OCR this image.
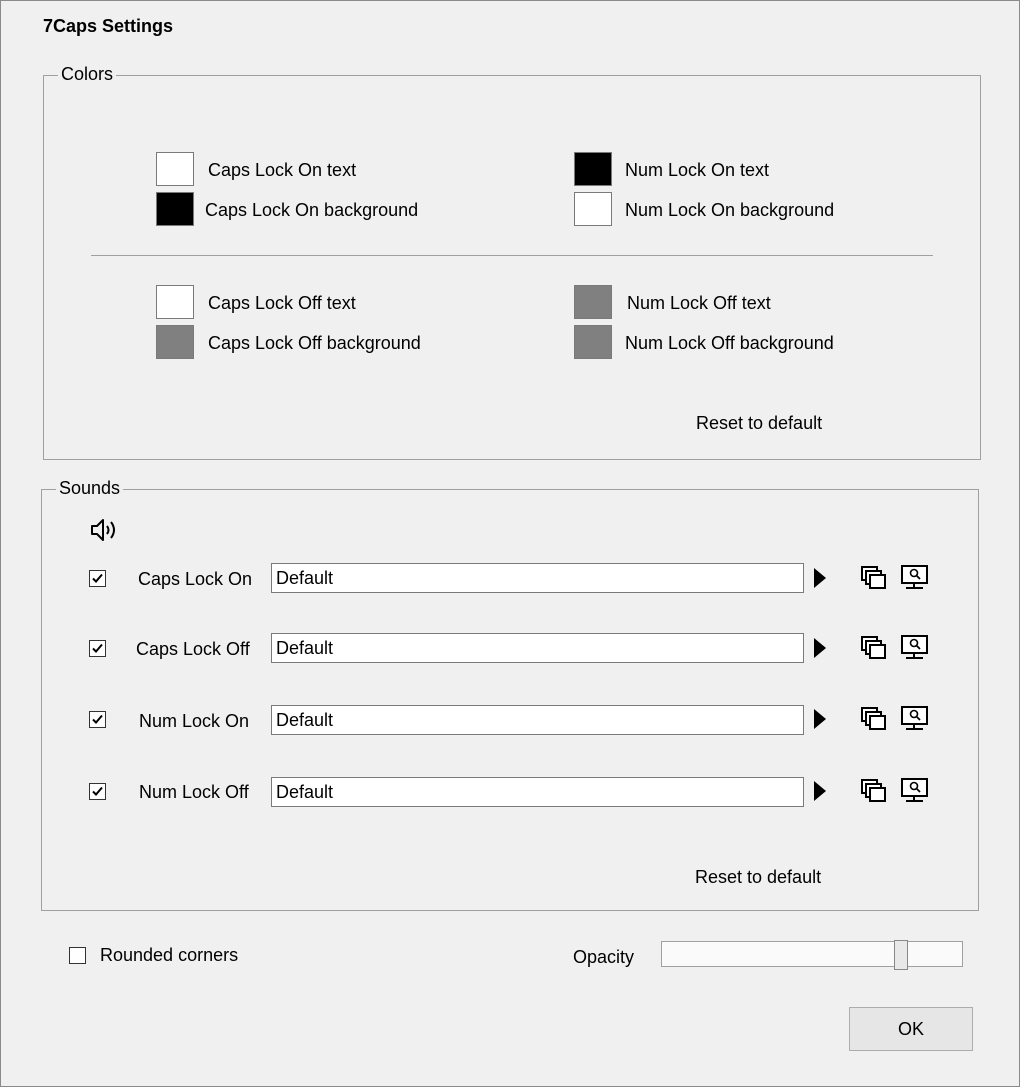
7Caps Settings
Colors
Caps Lock On text
Caps Lock On background
Num Lock On text
Num Lock On background
Caps Lock Off text
Caps Lock Off background
Num Lock Off text
Num Lock Off background
Reset to default
Sounds
Caps Lock On Default
Caps Lock Off Default
Num Lock On Default
Num Lock Off Default
Reset to default
Rounded corners	Opacity
OK
